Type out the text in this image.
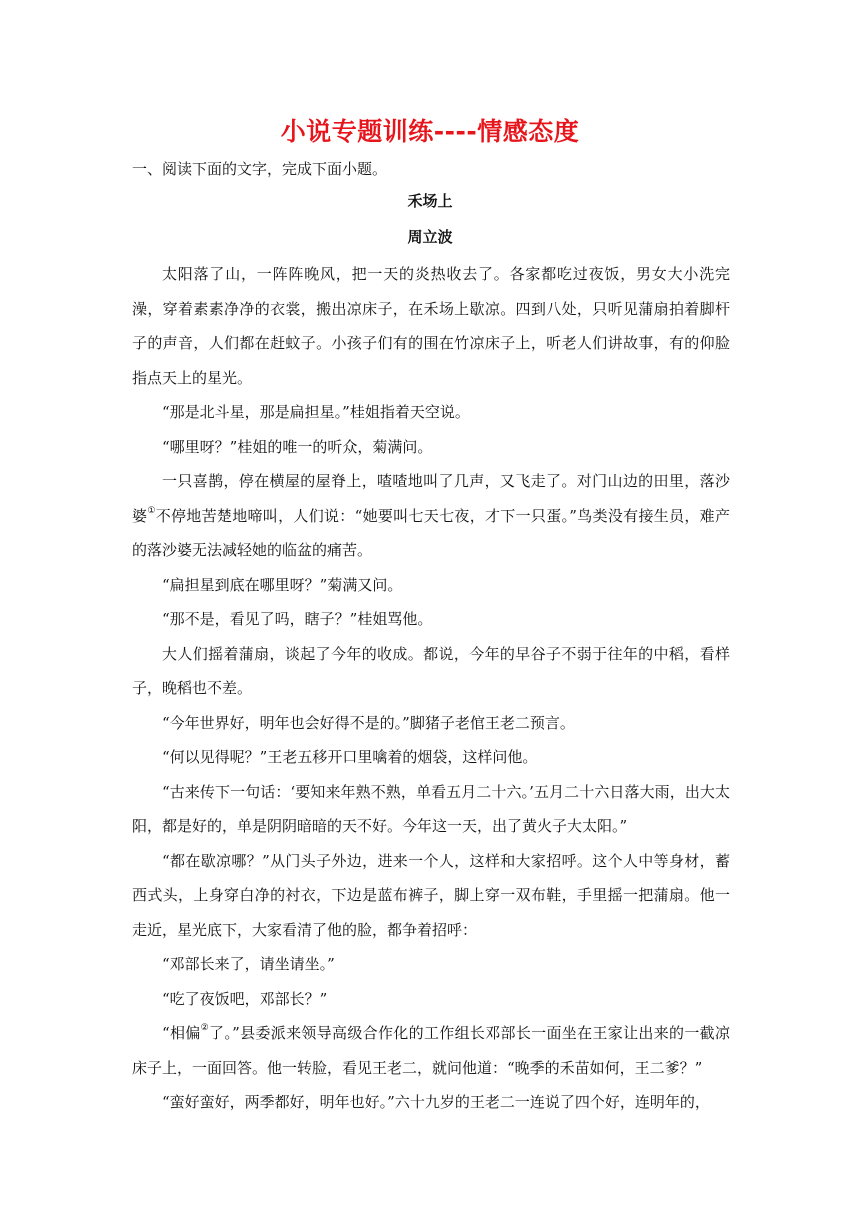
小说专题训练----情感态度
一、阅读下面的文字，完成下面小题。
禾场上
周立波

太阳落了山，一阵阵晚风，把一天的炎热收去了。各家都吃过夜饭，男女大小洗完澡，穿着素素净净的衣裳，搬出凉床子，在禾场上歇凉。四到八处，只听见蒲扇拍着脚杆子的声音，人们都在赶蚊子。小孩子们有的围在竹凉床子上，听老人们讲故事，有的仰脸指点天上的星光。

“那是北斗星，那是扁担星。”桂姐指着天空说。

“哪里呀？”桂姐的唯一的听众，菊满问。

一只喜鹊，停在横屋的屋脊上，喳喳地叫了几声，又飞走了。对门山边的田里，落沙婆①不停地苦楚地啼叫，人们说：“她要叫七天七夜，才下一只蛋。”鸟类没有接生员，难产的落沙婆无法减轻她的临盆的痛苦。

“扁担星到底在哪里呀？”菊满又问。

“那不是，看见了吗，瞎子？”桂姐骂他。

大人们摇着蒲扇，谈起了今年的收成。都说，今年的早谷子不弱于往年的中稻，看样子，晚稻也不差。

“今年世界好，明年也会好得不是的。”脚猪子老倌王老二预言。

“何以见得呢？”王老五移开口里噙着的烟袋，这样问他。

“古来传下一句话：‘要知来年熟不熟，单看五月二十六。’五月二十六日落大雨，出大太阳，都是好的，单是阴阴暗暗的天不好。今年这一天，出了黄火子大太阳。”

“都在歇凉哪？”从门头子外边，进来一个人，这样和大家招呼。这个人中等身材，蓄西式头，上身穿白净的衬衣，下边是蓝布裤子，脚上穿一双布鞋，手里摇一把蒲扇。他一走近，星光底下，大家看清了他的脸，都争着招呼：

“邓部长来了，请坐请坐。”

“吃了夜饭吧，邓部长？”

“相偏②了。”县委派来领导高级合作化的工作组长邓部长一面坐在王家让出来的一截凉床子上，一面回答。他一转脸，看见王老二，就问他道：“晚季的禾苗如何，王二爹？”

“蛮好蛮好，两季都好，明年也好。”六十九岁的王老二一连说了四个好，连明年的，
